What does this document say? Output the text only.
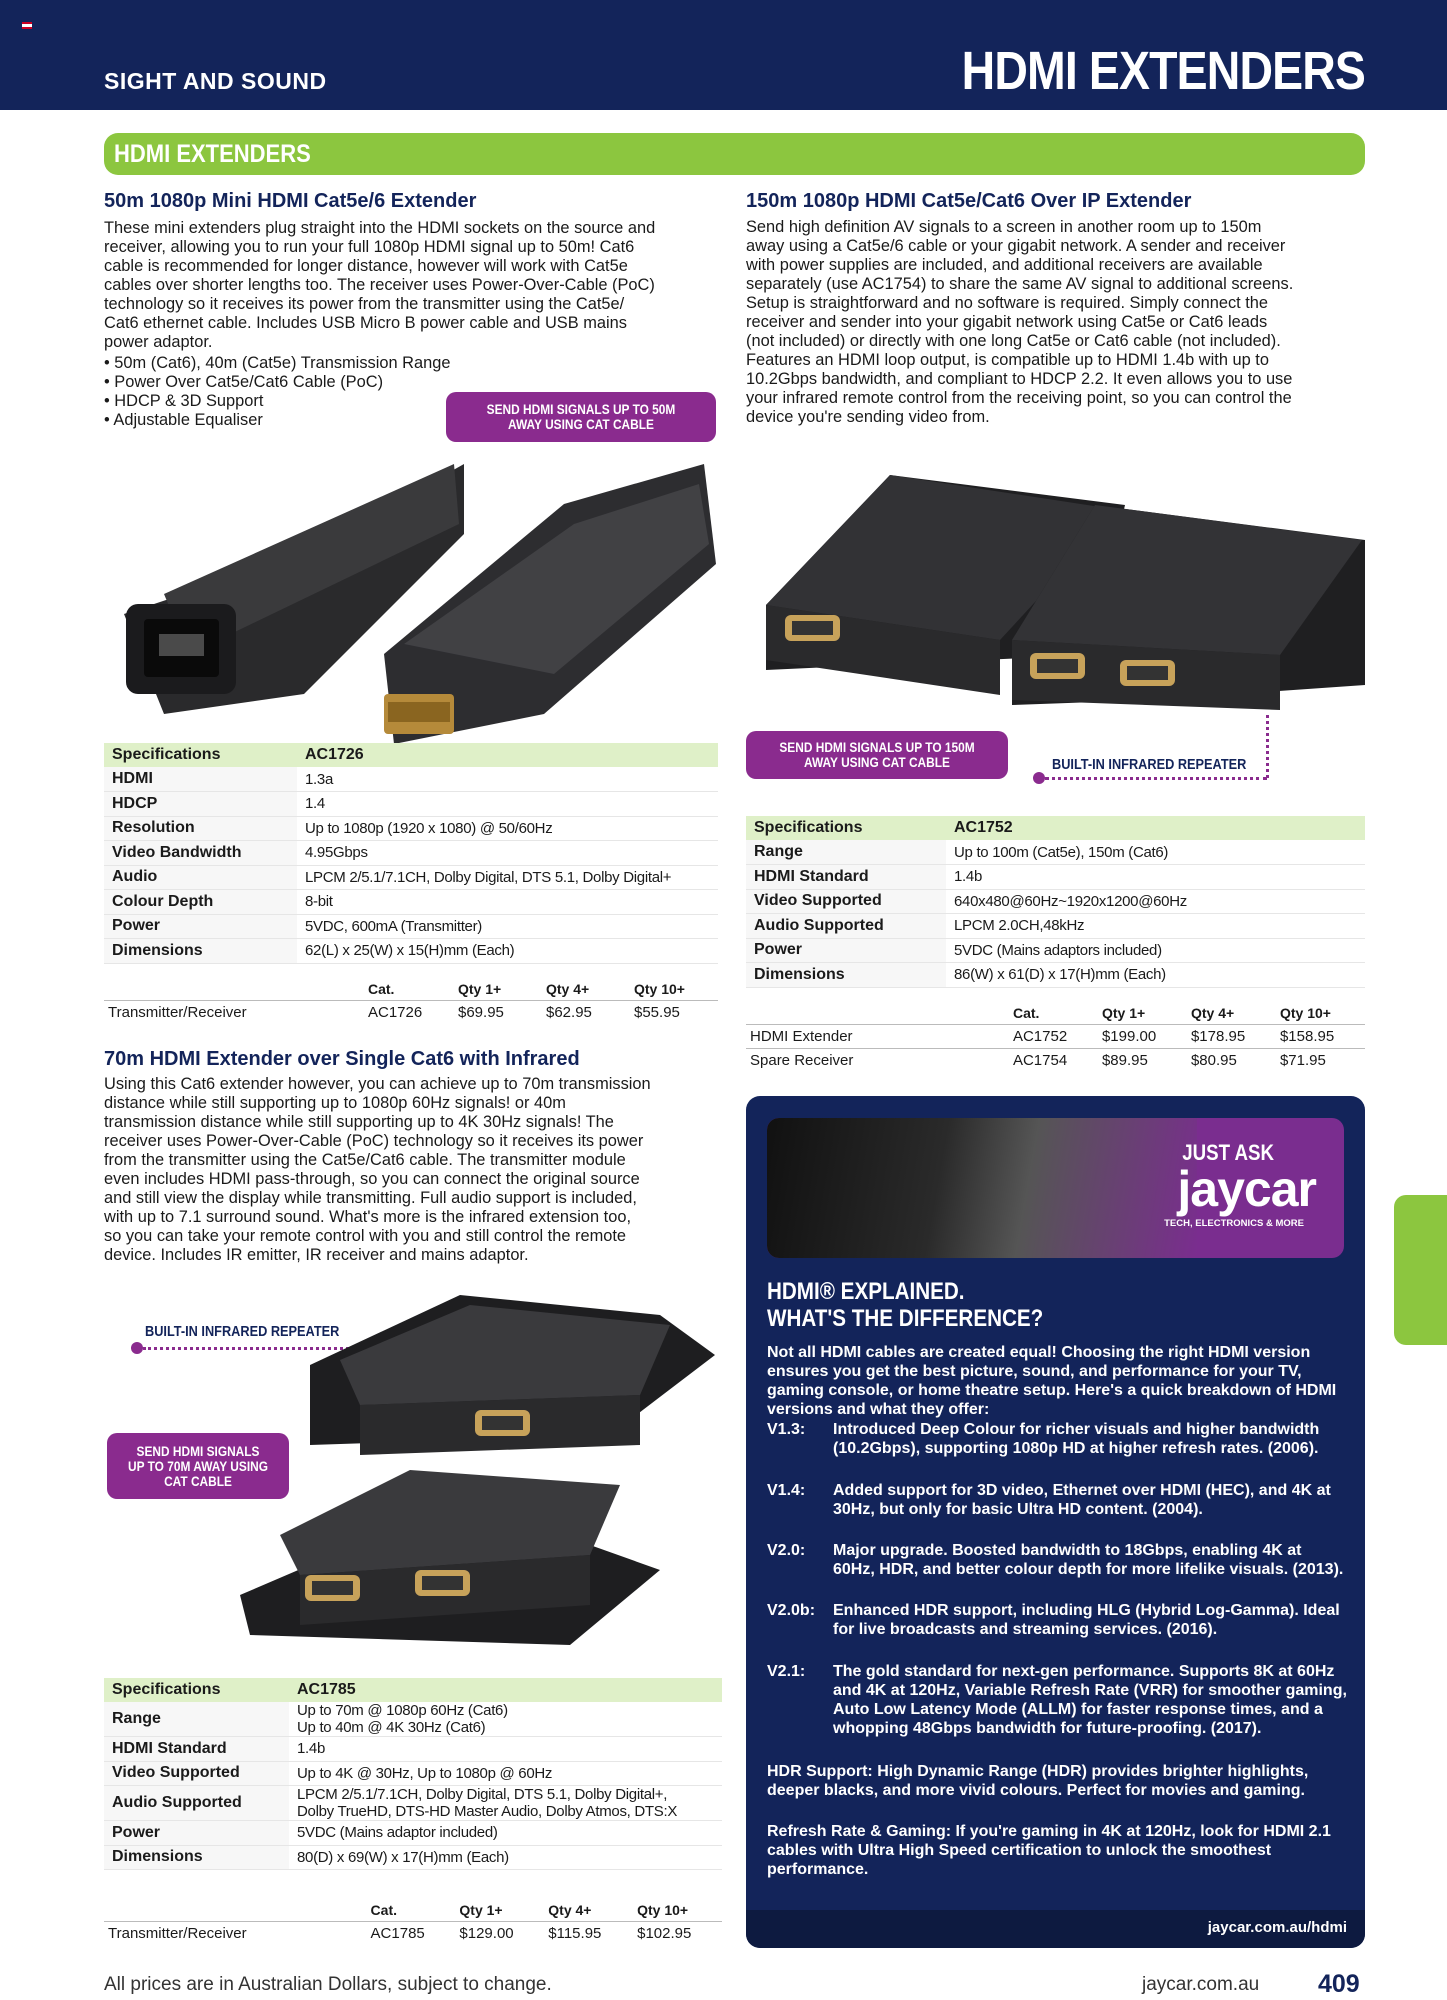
SIGHT AND SOUND	HDMI EXTENDERS
HDMI EXTENDERS
50m 1080p Mini HDMI Cat5e/6 Extender

These mini extenders plug straight into the HDMI sockets on the source and

receiver, allowing you to run your full 1080p HDMI signal up to 50m! Cat6

cable is recommended for longer distance, however will work with Cat5e

cables over shorter lengths too. The receiver uses Power-Over-Cable (PoC)

technology so it receives its power from the transmitter using the Cat5e/

Cat6 ethernet cable. Includes USB Micro B power cable and USB mains

power adaptor.

• 50m (Cat6), 40m (Cat5e) Transmission Range
• Power Over Cat5e/Cat6 Cable (PoC)
• HDCP & 3D Support
• Adjustable Equaliser
SEND HDMI SIGNALS UP TO 50M AWAY USING CAT CABLE
Specifications	AC1726
HDMI	1.3a

HDCP	1.4

Resolution	Up to 1080p (1920 x 1080) @ 50/60Hz

Video Bandwidth	4.95Gbps

Audio	LPCM 2/5.1/7.1CH, Dolby Digital, DTS 5.1, Dolby Digital+

Colour Depth	8-bit

Power	5VDC, 600mA (Transmitter)

Dimensions	62(L) x 25(W) x 15(H)mm (Each)
	Cat.	Qty 1+	Qty 4+	Qty 10+
Transmitter/Receiver	AC1726	$69.95	$62.95	$55.95
70m HDMI Extender over Single Cat6 with Infrared

Using this Cat6 extender however, you can achieve up to 70m transmission

distance while still supporting up to 1080p 60Hz signals! or 40m

transmission distance while still supporting up to 4K 30Hz signals! The

receiver uses Power-Over-Cable (PoC) technology so it receives its power

from the transmitter using the Cat5e/Cat6 cable. The transmitter module

even includes HDMI pass-through, so you can connect the original source

and still view the display while transmitting. Full audio support is included,

with up to 7.1 surround sound. What's more is the infrared extension too,

so you can take your remote control with you and still control the remote

device. Includes IR emitter, IR receiver and mains adaptor.

BUILT-IN INFRARED REPEATER
SEND HDMI SIGNALS UP TO 70M AWAY USING CAT CABLE
Specifications	AC1785
Range	Up to 70m @ 1080p 60Hz (Cat6)
Up to 40m @ 4K 30Hz (Cat6)

HDMI Standard	1.4b

Video Supported	Up to 4K @ 30Hz, Up to 1080p @ 60Hz

Audio Supported	LPCM 2/5.1/7.1CH, Dolby Digital, DTS 5.1, Dolby Digital+,
Dolby TrueHD, DTS-HD Master Audio, Dolby Atmos, DTS:X

Power	5VDC (Mains adaptor included)

Dimensions	80(D) x 69(W) x 17(H)mm (Each)
	Cat.	Qty 1+	Qty 4+	Qty 10+
Transmitter/Receiver	AC1785	$129.00	$115.95	$102.95
150m 1080p HDMI Cat5e/Cat6 Over IP Extender

Send high definition AV signals to a screen in another room up to 150m

away using a Cat5e/6 cable or your gigabit network. A sender and receiver

with power supplies are included, and additional receivers are available

separately (use AC1754) to share the same AV signal to additional screens.

Setup is straightforward and no software is required. Simply connect the

receiver and sender into your gigabit network using Cat5e or Cat6 leads

(not included) or directly with one long Cat5e or Cat6 cable (not included).

Features an HDMI loop output, is compatible up to HDMI 1.4b with up to

10.2Gbps bandwidth, and compliant to HDCP 2.2. It even allows you to use

your infrared remote control from the receiving point, so you can control the

device you're sending video from.

SEND HDMI SIGNALS UP TO 150M AWAY USING CAT CABLE	BUILT-IN INFRARED REPEATER
Specifications	AC1752
Range	Up to 100m (Cat5e), 150m (Cat6)

HDMI Standard	1.4b

Video Supported	640x480@60Hz~1920x1200@60Hz

Audio Supported	LPCM 2.0CH,48kHz

Power	5VDC (Mains adaptors included)

Dimensions	86(W) x 61(D) x 17(H)mm (Each)
	Cat.	Qty 1+	Qty 4+	Qty 10+
HDMI Extender	AC1752	$199.00	$178.95	$158.95
Spare Receiver	AC1754	$89.95	$80.95	$71.95
JUST ASK
jaycar
TECH, ELECTRONICS & MORE
HDMI® EXPLAINED.
WHAT'S THE DIFFERENCE?
Not all HDMI cables are created equal! Choosing the right HDMI version ensures you get the best picture, sound, and performance for your TV, gaming console, or home theatre setup. Here's a quick breakdown of HDMI versions and what they offer:
V1.3: Introduced Deep Colour for richer visuals and higher bandwidth (10.2Gbps), supporting 1080p HD at higher refresh rates. (2006).
V1.4: Added support for 3D video, Ethernet over HDMI (HEC), and 4K at 30Hz, but only for basic Ultra HD content. (2004).
V2.0: Major upgrade. Boosted bandwidth to 18Gbps, enabling 4K at 60Hz, HDR, and better colour depth for more lifelike visuals. (2013).
V2.0b: Enhanced HDR support, including HLG (Hybrid Log-Gamma). Ideal for live broadcasts and streaming services. (2016).
V2.1: The gold standard for next-gen performance. Supports 8K at 60Hz and 4K at 120Hz, Variable Refresh Rate (VRR) for smoother gaming, Auto Low Latency Mode (ALLM) for faster response times, and a whopping 48Gbps bandwidth for future-proofing. (2017).
HDR Support: High Dynamic Range (HDR) provides brighter highlights, deeper blacks, and more vivid colours. Perfect for movies and gaming.
Refresh Rate & Gaming: If you're gaming in 4K at 120Hz, look for HDMI 2.1 cables with Ultra High Speed certification to unlock the smoothest performance.
jaycar.com.au/hdmi
All prices are in Australian Dollars, subject to change.	jaycar.com.au 409
